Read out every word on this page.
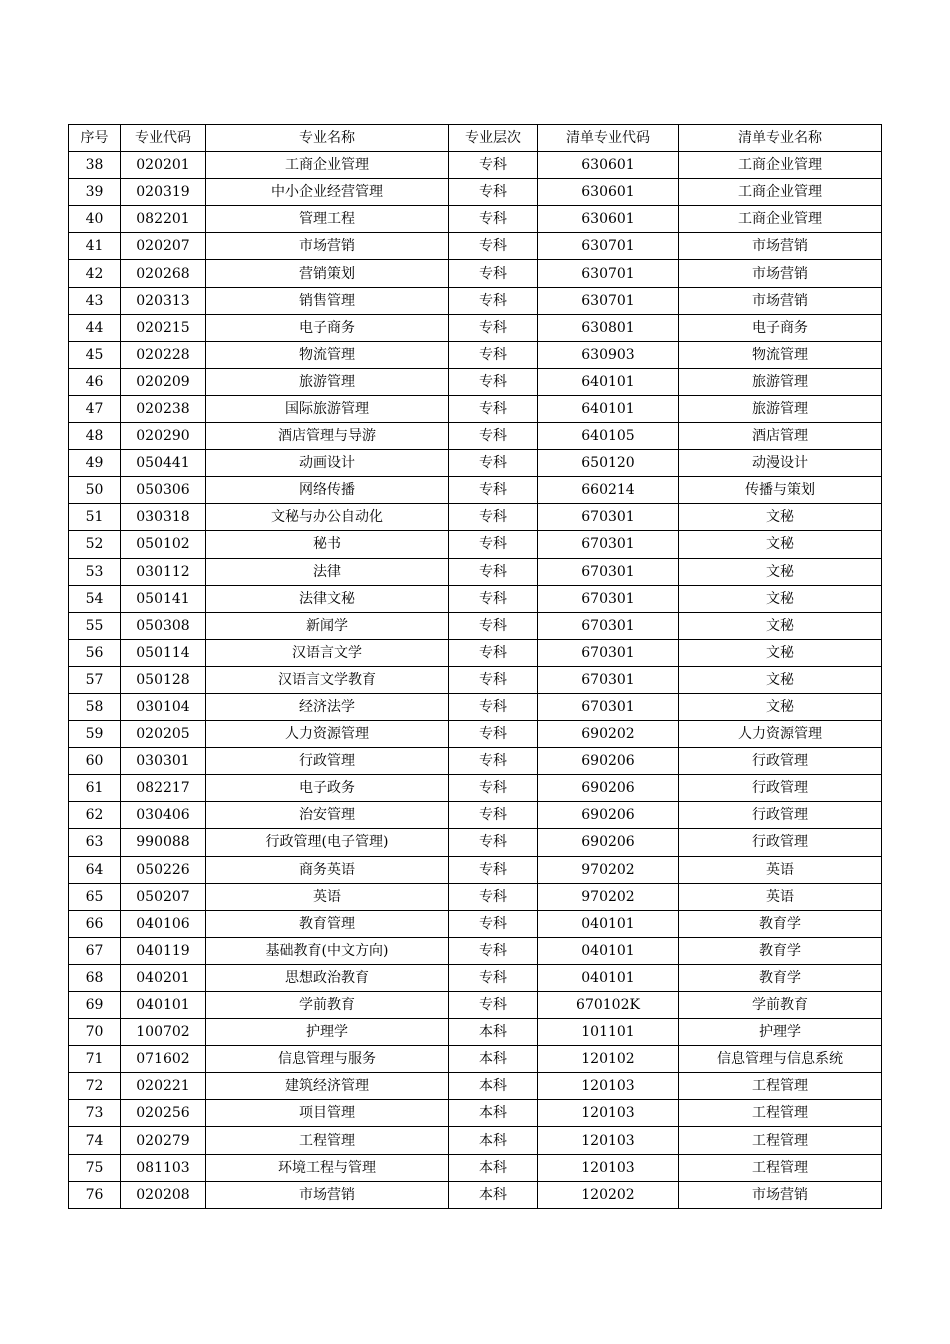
序号	专业代码	专业名称	专业层次	清单专业代码	清单专业名称
38	020201	工商企业管理	专科	630601	工商企业管理
39	020319	中小企业经营管理	专科	630601	工商企业管理
40	082201	管理工程	专科	630601	工商企业管理
41	020207	市场营销	专科	630701	市场营销
42	020268	营销策划	专科	630701	市场营销
43	020313	销售管理	专科	630701	市场营销
44	020215	电子商务	专科	630801	电子商务
45	020228	物流管理	专科	630903	物流管理
46	020209	旅游管理	专科	640101	旅游管理
47	020238	国际旅游管理	专科	640101	旅游管理
48	020290	酒店管理与导游	专科	640105	酒店管理
49	050441	动画设计	专科	650120	动漫设计
50	050306	网络传播	专科	660214	传播与策划
51	030318	文秘与办公自动化	专科	670301	文秘
52	050102	秘书	专科	670301	文秘
53	030112	法律	专科	670301	文秘
54	050141	法律文秘	专科	670301	文秘
55	050308	新闻学	专科	670301	文秘
56	050114	汉语言文学	专科	670301	文秘
57	050128	汉语言文学教育	专科	670301	文秘
58	030104	经济法学	专科	670301	文秘
59	020205	人力资源管理	专科	690202	人力资源管理
60	030301	行政管理	专科	690206	行政管理
61	082217	电子政务	专科	690206	行政管理
62	030406	治安管理	专科	690206	行政管理
63	990088	行政管理(电子管理)	专科	690206	行政管理
64	050226	商务英语	专科	970202	英语
65	050207	英语	专科	970202	英语
66	040106	教育管理	专科	040101	教育学
67	040119	基础教育(中文方向)	专科	040101	教育学
68	040201	思想政治教育	专科	040101	教育学
69	040101	学前教育	专科	670102K	学前教育
70	100702	护理学	本科	101101	护理学
71	071602	信息管理与服务	本科	120102	信息管理与信息系统
72	020221	建筑经济管理	本科	120103	工程管理
73	020256	项目管理	本科	120103	工程管理
74	020279	工程管理	本科	120103	工程管理
75	081103	环境工程与管理	本科	120103	工程管理
76	020208	市场营销	本科	120202	市场营销
